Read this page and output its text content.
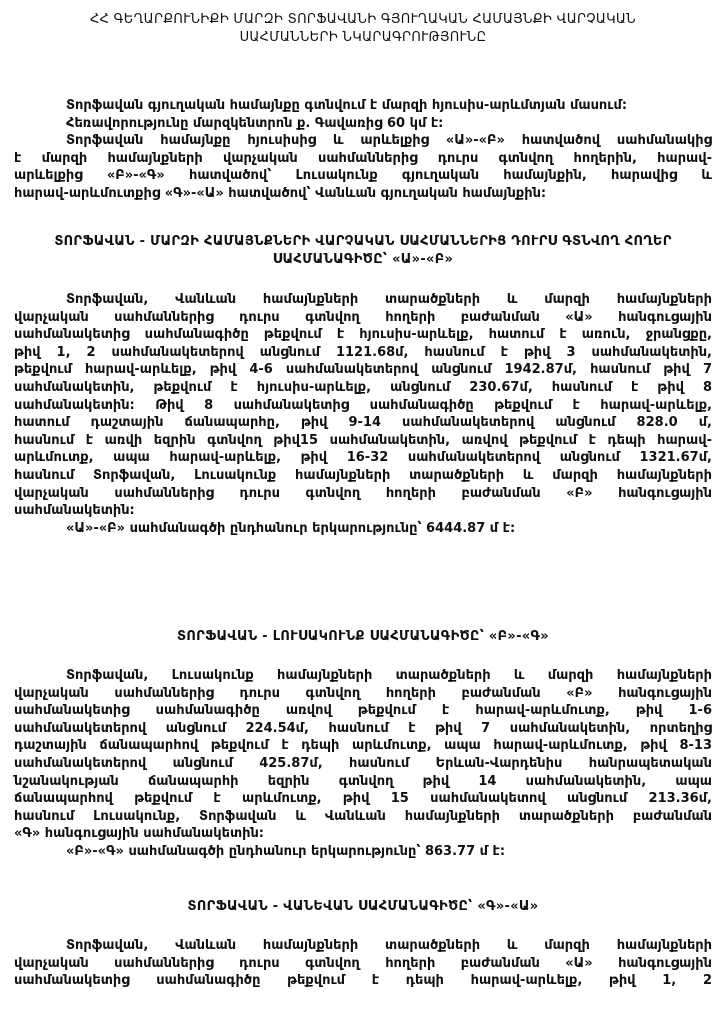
ՀՀ ԳԵՂԱՐՔՈՒՆԻՔԻ ՄԱՐԶԻ ՏՈՐՖԱՎԱՆԻ ԳՅՈՒՂԱԿԱՆ ՀԱՄԱՅՆՔԻ ՎԱՐՉԱԿԱՆ
ՍԱՀՄԱՆՆԵՐԻ ՆԿԱՐԱԳՐՈՒԹՅՈՒՆԸ
Տորֆավան գյուղական համայնքը գտնվում է մարզի հյուսիս-արևմտյան մասում:
Հեռավորությունը մարզկենտրոն ք. Գավառից 60 կմ է:
Տորֆավան համայնքը հյուսիսից և արևելքից «Ա»-«Բ» հատվածով սահմանակից
է մարզի համայնքների վարչական սահմաններից դուրս գտնվող հողերին, հարավ-
արևելքից «Բ»-«Գ» հատվածով՝ Լուսակունք գյուղական համայնքին, հարավից և
հարավ-արևմուտքից «Գ»-«Ա» հատվածով՝ Վանևան գյուղական համայնքին:
ՏՈՐՖԱՎԱՆ - ՄԱՐԶԻ ՀԱՄԱՅՆՔՆԵՐԻ ՎԱՐՉԱԿԱՆ ՍԱՀՄԱՆՆԵՐԻՑ ԴՈՒՐՍ ԳՏՆՎՈՂ ՀՈՂԵՐ
ՍԱՀՄԱՆԱԳԻԾԸ՝ «Ա»-«Բ»
Տորֆավան, Վանևան համայնքների տարածքների և մարզի համայնքների
վարչական սահմաններից դուրս գտնվող հողերի բաժանման «Ա» հանգուցային
սահմանակետից սահմանագիծը թեքվում է հյուսիս-արևելք, հատում է առուն, ջրանցքը,
թիվ 1, 2 սահմանակետերով անցնում 1121.68մ, հասնում է թիվ 3 սահմանակետին,
թեքվում հարավ-արևելք, թիվ 4-6 սահմանակետերով անցնում 1942.87մ, հասնում թիվ 7
սահմանակետին, թեքվում է հյուսիս-արևելք, անցնում 230.67մ, հասնում է թիվ 8
սահմանակետին: Թիվ 8 սահմանակետից սահմանագիծը թեքվում է հարավ-արևելք,
հատում դաշտային ճանապարհը, թիվ 9-14 սահմանակետերով անցնում 828.0 մ,
հասնում է առվի եզրին գտնվող թիվ15 սահմանակետին, առվով թեքվում է դեպի հարավ-
արևմուտք, ապա հարավ-արևելք, թիվ 16-32 սահմանակետերով անցնում 1321.67մ,
հասնում Տորֆավան, Լուսակունք համայնքների տարածքների և մարզի համայնքների
վարչական սահմաններից դուրս գտնվող հողերի բաժանման «Բ» հանգուցային
սահմանակետին:
«Ա»-«Բ» սահմանագծի ընդհանուր երկարությունը՝ 6444.87 մ է:
ՏՈՐՖԱՎԱՆ - ԼՈՒՍԱԿՈՒՆՔ ՍԱՀՄԱՆԱԳԻԾԸ՝ «Բ»-«Գ»
Տորֆավան, Լուսակունք համայնքների տարածքների և մարզի համայնքների
վարչական սահմաններից դուրս գտնվող հողերի բաժանման «Բ» հանգուցային
սահմանակետից սահմանագիծը առվով թեքվում է հարավ-արևմուտք, թիվ 1-6
սահմանակետերով անցնում 224.54մ, հասնում է թիվ 7 սահմանակետին, որտեղից
դաշտային ճանապարհով թեքվում է դեպի արևմուտք, ապա հարավ-արևմուտք, թիվ 8-13
սահմանակետերով անցնում 425.87մ, հասնում Երևան-Վարդենիս հանրապետական
նշանակության ճանապարհի եզրին գտնվող թիվ 14 սահմանակետին, ապա
ճանապարհով թեքվում է արևմուտք, թիվ 15 սահմանակետով անցնում 213.36մ,
հասնում Լուսակունք, Տորֆավան և Վանևան համայնքների տարածքների բաժանման
«Գ» հանգուցային սահմանակետին:
«Բ»-«Գ» սահմանագծի ընդհանուր երկարությունը՝ 863.77 մ է:
ՏՈՐՖԱՎԱՆ - ՎԱՆԵՎԱՆ ՍԱՀՄԱՆԱԳԻԾԸ՝ «Գ»-«Ա»
Տորֆավան, Վանևան համայնքների տարածքների և մարզի համայնքների
վարչական սահմաններից դուրս գտնվող հողերի բաժանման «Ա» հանգուցային
սահմանակետից սահմանագիծը թեքվում է դեպի հարավ-արևելք, թիվ 1, 2
